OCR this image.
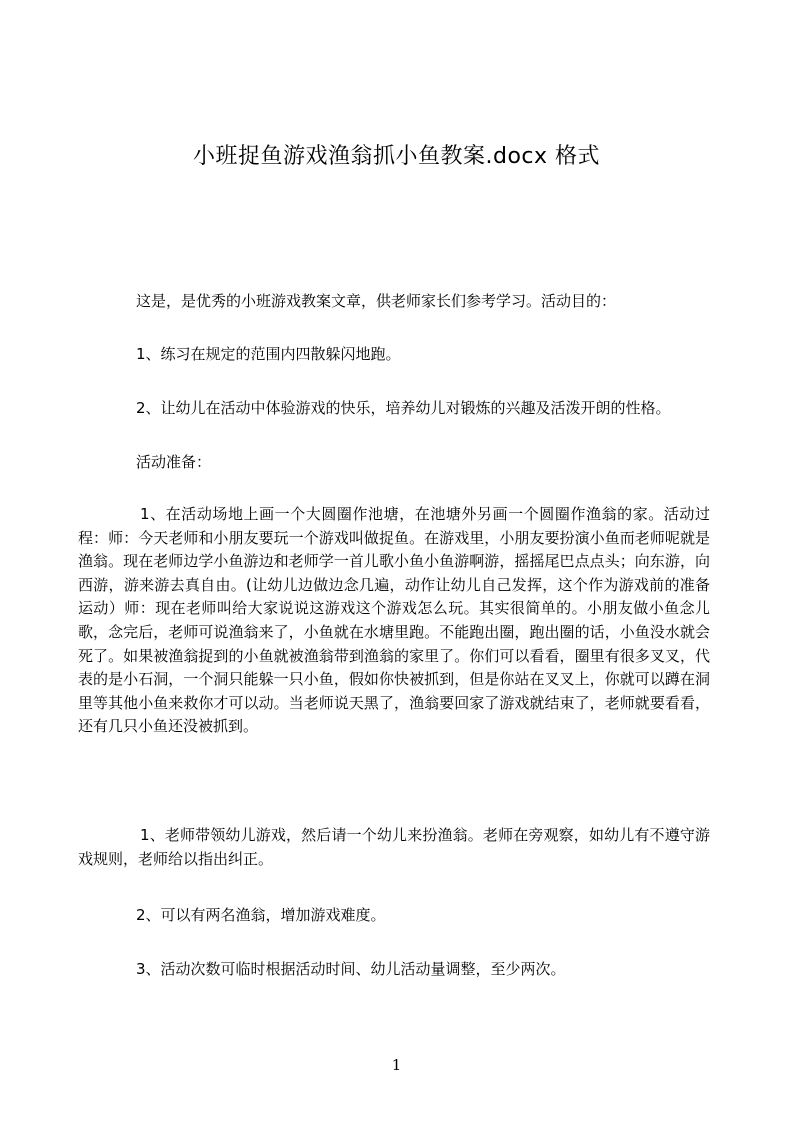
小班捉鱼游戏渔翁抓小鱼教案.docx 格式

这是，是优秀的小班游戏教案文章，供老师家长们参考学习。活动目的：

1、练习在规定的范围内四散躲闪地跑。

2、让幼儿在活动中体验游戏的快乐，培养幼儿对锻炼的兴趣及活泼开朗的性格。

活动准备：

1、在活动场地上画一个大圆圈作池塘，在池塘外另画一个圆圈作渔翁的家。活动过程：师：今天老师和小朋友要玩一个游戏叫做捉鱼。在游戏里，小朋友要扮演小鱼而老师呢就是渔翁。现在老师边学小鱼游边和老师学一首儿歌小鱼小鱼游啊游，摇摇尾巴点点头；向东游，向西游，游来游去真自由。(让幼儿边做边念几遍，动作让幼儿自己发挥，这个作为游戏前的准备运动）师：现在老师叫给大家说说这游戏这个游戏怎么玩。其实很简单的。小朋友做小鱼念儿歌，念完后，老师可说渔翁来了，小鱼就在水塘里跑。不能跑出圈，跑出圈的话，小鱼没水就会死了。如果被渔翁捉到的小鱼就被渔翁带到渔翁的家里了。你们可以看看，圈里有很多叉叉，代表的是小石洞，一个洞只能躲一只小鱼，假如你快被抓到，但是你站在叉叉上，你就可以蹲在洞里等其他小鱼来救你才可以动。当老师说天黑了，渔翁要回家了游戏就结束了，老师就要看看，还有几只小鱼还没被抓到。

1、老师带领幼儿游戏，然后请一个幼儿来扮渔翁。老师在旁观察，如幼儿有不遵守游戏规则，老师给以指出纠正。

2、可以有两名渔翁，增加游戏难度。

3、活动次数可临时根据活动时间、幼儿活动量调整，至少两次。

1
